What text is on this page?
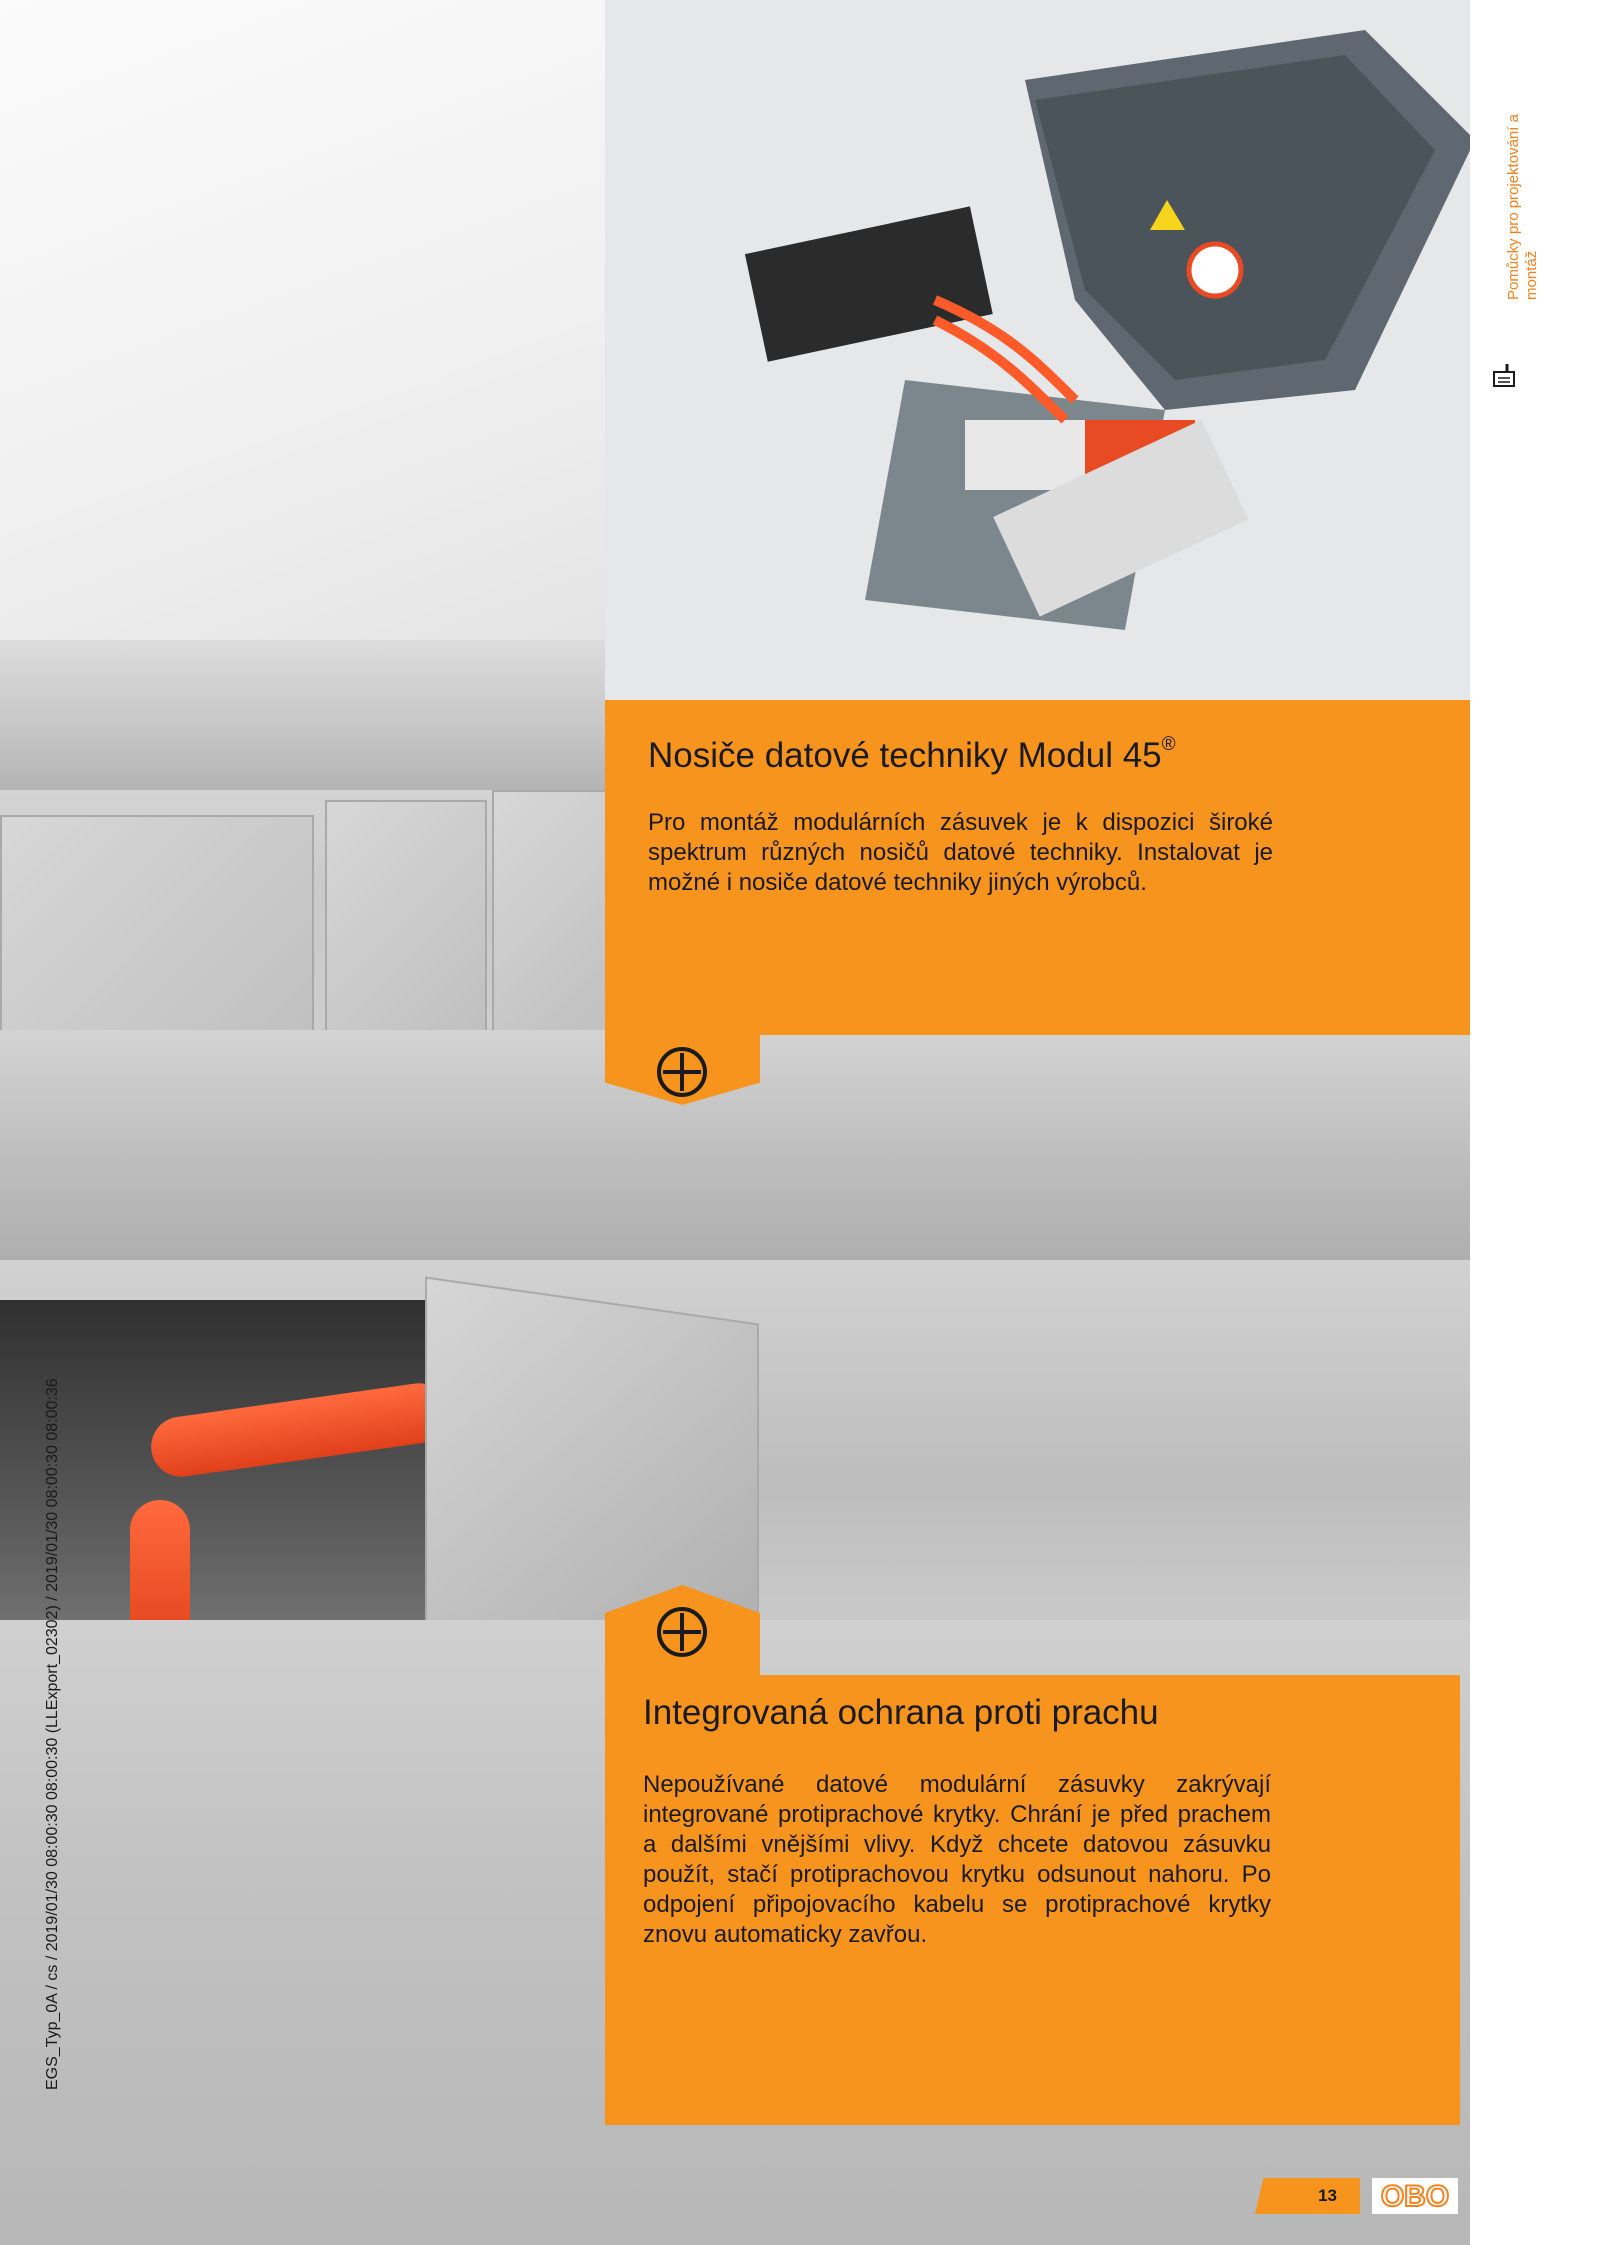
Pomůcky pro projektování a montáž
Nosiče datové techniky Modul 45®
Pro montáž modulárních zásuvek je k dispozici široké spektrum různých nosičů datové techniky. Instalovat je možné i nosiče datové techniky jiných výrobců.
Integrovaná ochrana proti prachu
Nepoužívané datové modulární zásuvky zakrývají integrované protiprachové krytky. Chrání je před prachem a dalšími vnějšími vlivy. Když chcete datovou zásuvku použít, stačí protiprachovou krytku odsunout nahoru. Po odpojení připojovacího kabelu se protiprachové krytky znovu automaticky zavřou.
13	OBO
EGS_Typ_0A / cs / 2019/01/30 08:00:30 08:00:30 (LLExport_02302) / 2019/01/30 08:00:30 08:00:36
